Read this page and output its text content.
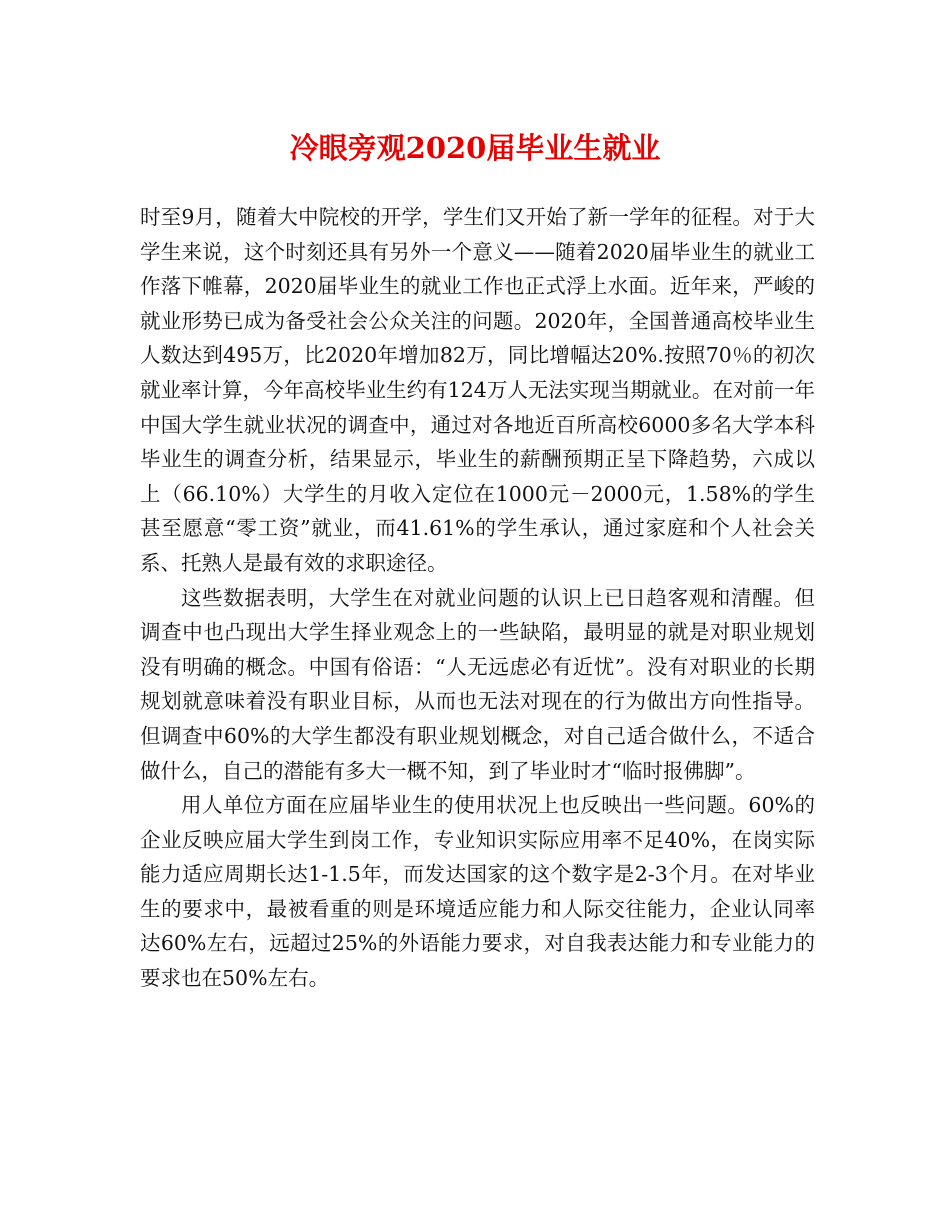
冷眼旁观2020届毕业生就业

时至9月，随着大中院校的开学，学生们又开始了新一学年的征程。对于大学生来说，这个时刻还具有另外一个意义——随着2020届毕业生的就业工作落下帷幕，2020届毕业生的就业工作也正式浮上水面。近年来，严峻的就业形势已成为备受社会公众关注的问题。2020年，全国普通高校毕业生人数达到495万，比2020年增加82万，同比增幅达20%.按照70％的初次就业率计算，今年高校毕业生约有124万人无法实现当期就业。在对前一年中国大学生就业状况的调查中，通过对各地近百所高校6000多名大学本科毕业生的调查分析，结果显示，毕业生的薪酬预期正呈下降趋势，六成以上（66.10%）大学生的月收入定位在1000元－2000元，1.58%的学生甚至愿意“零工资”就业，而41.61%的学生承认，通过家庭和个人社会关系、托熟人是最有效的求职途径。

这些数据表明，大学生在对就业问题的认识上已日趋客观和清醒。但调查中也凸现出大学生择业观念上的一些缺陷，最明显的就是对职业规划没有明确的概念。中国有俗语：“人无远虑必有近忧”。没有对职业的长期规划就意味着没有职业目标，从而也无法对现在的行为做出方向性指导。但调查中60%的大学生都没有职业规划概念，对自己适合做什么，不适合做什么，自己的潜能有多大一概不知，到了毕业时才“临时报佛脚”。

用人单位方面在应届毕业生的使用状况上也反映出一些问题。60%的企业反映应届大学生到岗工作，专业知识实际应用率不足40%，在岗实际能力适应周期长达1-1.5年，而发达国家的这个数字是2-3个月。在对毕业生的要求中，最被看重的则是环境适应能力和人际交往能力，企业认同率达60%左右，远超过25%的外语能力要求，对自我表达能力和专业能力的要求也在50%左右。
